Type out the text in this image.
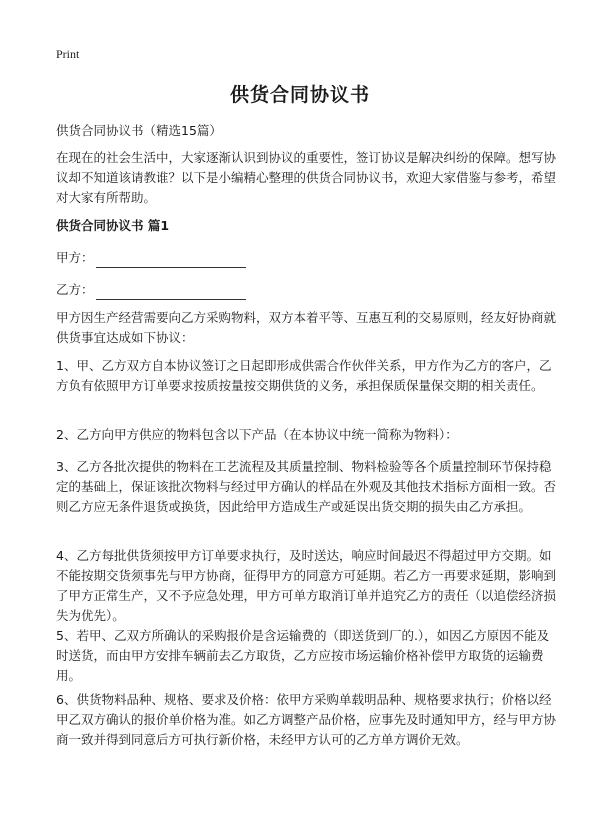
Print
供货合同协议书

供货合同协议书（精选15篇）

在现在的社会生活中，大家逐渐认识到协议的重要性，签订协议是解决纠纷的保障。想写协议却不知道该请教谁？以下是小编精心整理的供货合同协议书，欢迎大家借鉴与参考，希望对大家有所帮助。

供货合同协议书 篇1

甲方：
乙方：

甲方因生产经营需要向乙方采购物料，双方本着平等、互惠互利的交易原则，经友好协商就供货事宜达成如下协议：

1、甲、乙方双方自本协议签订之日起即形成供需合作伙伴关系，甲方作为乙方的客户，乙方负有依照甲方订单要求按质按量按交期供货的义务，承担保质保量保交期的相关责任。

2、乙方向甲方供应的物料包含以下产品（在本协议中统一简称为物料）：

3、乙方各批次提供的物料在工艺流程及其质量控制、物料检验等各个质量控制环节保持稳定的基础上，保证该批次物料与经过甲方确认的样品在外观及其他技术指标方面相一致。否则乙方应无条件退货或换货，因此给甲方造成生产或延误出货交期的损失由乙方承担。

4、乙方每批供货须按甲方订单要求执行，及时送达，响应时间最迟不得超过甲方交期。如不能按期交货须事先与甲方协商，征得甲方的同意方可延期。若乙方一再要求延期，影响到了甲方正常生产，又不予应急处理，甲方可单方取消订单并追究乙方的责任（以追偿经济损失为优先）。

5、若甲、乙双方所确认的采购报价是含运输费的（即送货到厂的.），如因乙方原因不能及时送货，而由甲方安排车辆前去乙方取货，乙方应按市场运输价格补偿甲方取货的运输费用。

6、供货物料品种、规格、要求及价格：依甲方采购单载明品种、规格要求执行；价格以经甲乙双方确认的报价单价格为准。如乙方调整产品价格，应事先及时通知甲方，经与甲方协商一致并得到同意后方可执行新价格，未经甲方认可的乙方单方调价无效。
